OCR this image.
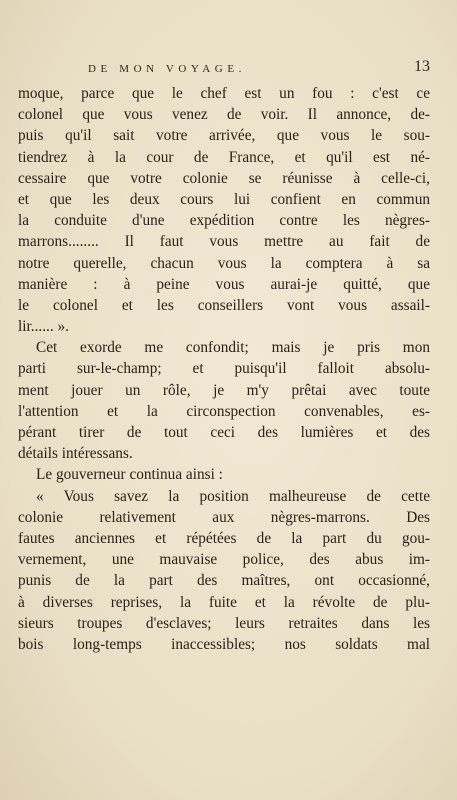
DE MON VOYAGE.	13
moque, parce que le chef est un fou : c'est ce
colonel que vous venez de voir. Il annonce, de-
puis qu'il sait votre arrivée, que vous le sou-
tiendrez à la cour de France, et qu'il est né-
cessaire que votre colonie se réunisse à celle-ci,
et que les deux cours lui confient en commun
la conduite d'une expédition contre les nègres-
marrons........ Il faut vous mettre au fait de
notre querelle, chacun vous la comptera à sa
manière : à peine vous aurai-je quitté, que
le colonel et les conseillers vont vous assail-
lir...... ».
Cet exorde me confondit; mais je pris mon
parti sur-le-champ; et puisqu'il falloit absolu-
ment jouer un rôle, je m'y prêtai avec toute
l'attention et la circonspection convenables, es-
pérant tirer de tout ceci des lumières et des
détails intéressans.
Le gouverneur continua ainsi :
« Vous savez la position malheureuse de cette
colonie relativement aux nègres-marrons. Des
fautes anciennes et répétées de la part du gou-
vernement, une mauvaise police, des abus im-
punis de la part des maîtres, ont occasionné,
à diverses reprises, la fuite et la révolte de plu-
sieurs troupes d'esclaves; leurs retraites dans les
bois long-temps inaccessibles; nos soldats mal
